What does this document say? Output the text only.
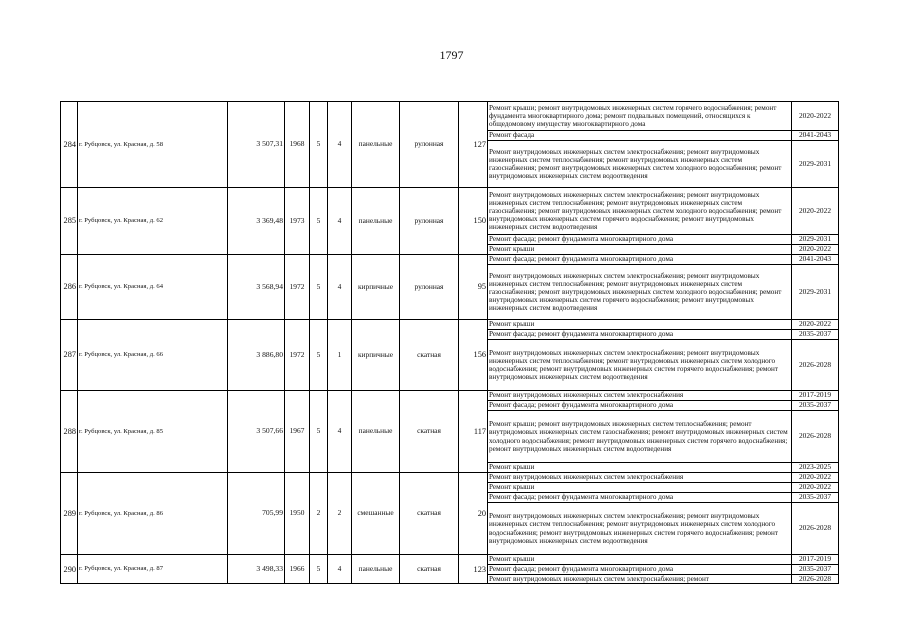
1797
284	г. Рубцовск, ул. Красная, д. 58	3 507,31	1968	5	4	панельные	рулонная	127	Ремонт крыши; ремонт внутридомовых инженерных систем горячего водоснабжения; ремонт фундамента многоквартирного дома; ремонт подвальных помещений, относящихся к общедомовому имуществу многоквартирного дома	2020-2022
									Ремонт фасада	2041-2043
									Ремонт внутридомовых инженерных систем электроснабжения; ремонт внутридомовых инженерных систем теплоснабжения; ремонт внутридомовых инженерных систем газоснабжения; ремонт внутридомовых инженерных систем холодного водоснабжения; ремонт внутридомовых инженерных систем водоотведения	2029-2031
285	г. Рубцовск, ул. Красная, д. 62	3 369,48	1973	5	4	панельные	рулонная	150	Ремонт внутридомовых инженерных систем электроснабжения; ремонт внутридомовых инженерных систем теплоснабжения; ремонт внутридомовых инженерных систем газоснабжения; ремонт внутридомовых инженерных систем холодного водоснабжения; ремонт внутридомовых инженерных систем горячего водоснабжения; ремонт внутридомовых инженерных систем водоотведения	2020-2022
									Ремонт фасада; ремонт фундамента многоквартирного дома	2029-2031
									Ремонт крыши	2020-2022
286	г. Рубцовск, ул. Красная, д. 64	3 568,94	1972	5	4	кирпичные	рулонная	95	Ремонт фасада; ремонт фундамента многоквартирного дома	2041-2043
									Ремонт внутридомовых инженерных систем электроснабжения; ремонт внутридомовых инженерных систем теплоснабжения; ремонт внутридомовых инженерных систем газоснабжения; ремонт внутридомовых инженерных систем холодного водоснабжения; ремонт внутридомовых инженерных систем горячего водоснабжения; ремонт внутридомовых инженерных систем водоотведения	2029-2031
287	г. Рубцовск, ул. Красная, д. 66	3 886,80	1972	5	1	кирпичные	скатная	156	Ремонт крыши	2020-2022
									Ремонт фасада; ремонт фундамента многоквартирного дома	2035-2037
									Ремонт внутридомовых инженерных систем электроснабжения; ремонт внутридомовых инженерных систем теплоснабжения; ремонт внутридомовых инженерных систем холодного водоснабжения; ремонт внутридомовых инженерных систем горячего водоснабжения; ремонт внутридомовых инженерных систем водоотведения	2026-2028
288	г. Рубцовск, ул. Красная, д. 85	3 507,66	1967	5	4	панельные	скатная	117	Ремонт внутридомовых инженерных систем электроснабжения	2017-2019
									Ремонт фасада; ремонт фундамента многоквартирного дома	2035-2037
									Ремонт крыши; ремонт внутридомовых инженерных систем теплоснабжения; ремонт внутридомовых инженерных систем газоснабжения; ремонт внутридомовых инженерных систем холодного водоснабжения; ремонт внутридомовых инженерных систем горячего водоснабжения; ремонт внутридомовых инженерных систем водоотведения	2026-2028
									Ремонт крыши	2023-2025
289	г. Рубцовск, ул. Красная, д. 86	705,99	1950	2	2	смешанные	скатная	20	Ремонт внутридомовых инженерных систем электроснабжения	2020-2022
									Ремонт крыши	2020-2022
									Ремонт фасада; ремонт фундамента многоквартирного дома	2035-2037
									Ремонт внутридомовых инженерных систем электроснабжения; ремонт внутридомовых инженерных систем теплоснабжения; ремонт внутридомовых инженерных систем холодного водоснабжения; ремонт внутридомовых инженерных систем горячего водоснабжения; ремонт внутридомовых инженерных систем водоотведения	2026-2028
290	г. Рубцовск, ул. Красная, д. 87	3 498,33	1966	5	4	панельные	скатная	123	Ремонт крыши	2017-2019
									Ремонт фасада; ремонт фундамента многоквартирного дома	2035-2037
									Ремонт внутридомовых инженерных систем электроснабжения; ремонт	2026-2028
